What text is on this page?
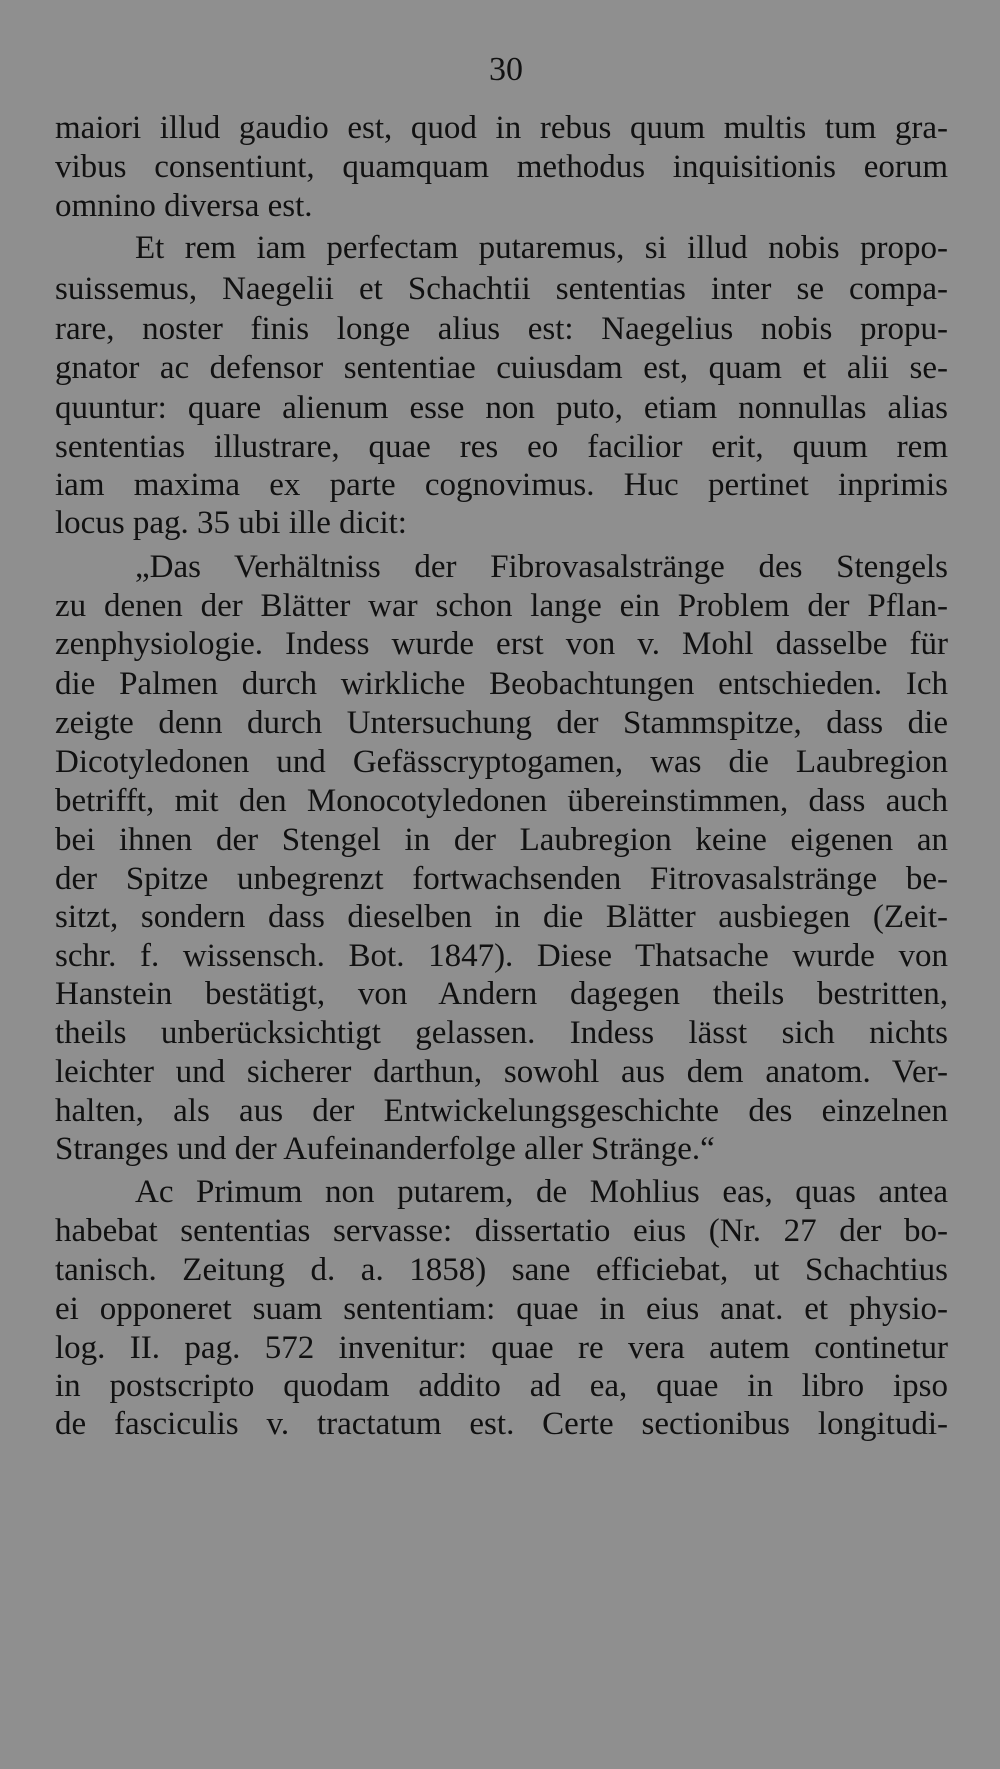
30
maiori illud gaudio est, quod in rebus quum multis tum gra-
vibus consentiunt, quamquam methodus inquisitionis eorum
omnino diversa est.
Et rem iam perfectam putaremus, si illud nobis propo-
suissemus, Naegelii et Schachtii sententias inter se compa-
rare, noster finis longe alius est: Naegelius nobis propu-
gnator ac defensor sententiae cuiusdam est, quam et alii se-
quuntur: quare alienum esse non puto, etiam nonnullas alias
sententias illustrare, quae res eo facilior erit, quum rem
iam maxima ex parte cognovimus. Huc pertinet inprimis
locus pag. 35 ubi ille dicit:
„Das Verhältniss der Fibrovasalstränge des Stengels
zu denen der Blätter war schon lange ein Problem der Pflan-
zenphysiologie. Indess wurde erst von v. Mohl dasselbe für
die Palmen durch wirkliche Beobachtungen entschieden. Ich
zeigte denn durch Untersuchung der Stammspitze, dass die
Dicotyledonen und Gefässcryptogamen, was die Laubregion
betrifft, mit den Monocotyledonen übereinstimmen, dass auch
bei ihnen der Stengel in der Laubregion keine eigenen an
der Spitze unbegrenzt fortwachsenden Fitrovasalstränge be-
sitzt, sondern dass dieselben in die Blätter ausbiegen (Zeit-
schr. f. wissensch. Bot. 1847). Diese Thatsache wurde von
Hanstein bestätigt, von Andern dagegen theils bestritten,
theils unberücksichtigt gelassen. Indess lässt sich nichts
leichter und sicherer darthun, sowohl aus dem anatom. Ver-
halten, als aus der Entwickelungsgeschichte des einzelnen
Stranges und der Aufeinanderfolge aller Stränge.“
Ac Primum non putarem, de Mohlius eas, quas antea
habebat sententias servasse: dissertatio eius (Nr. 27 der bo-
tanisch. Zeitung d. a. 1858) sane efficiebat, ut Schachtius
ei opponeret suam sententiam: quae in eius anat. et physio-
log. II. pag. 572 invenitur: quae re vera autem continetur
in postscripto quodam addito ad ea, quae in libro ipso
de fasciculis v. tractatum est. Certe sectionibus longitudi-
